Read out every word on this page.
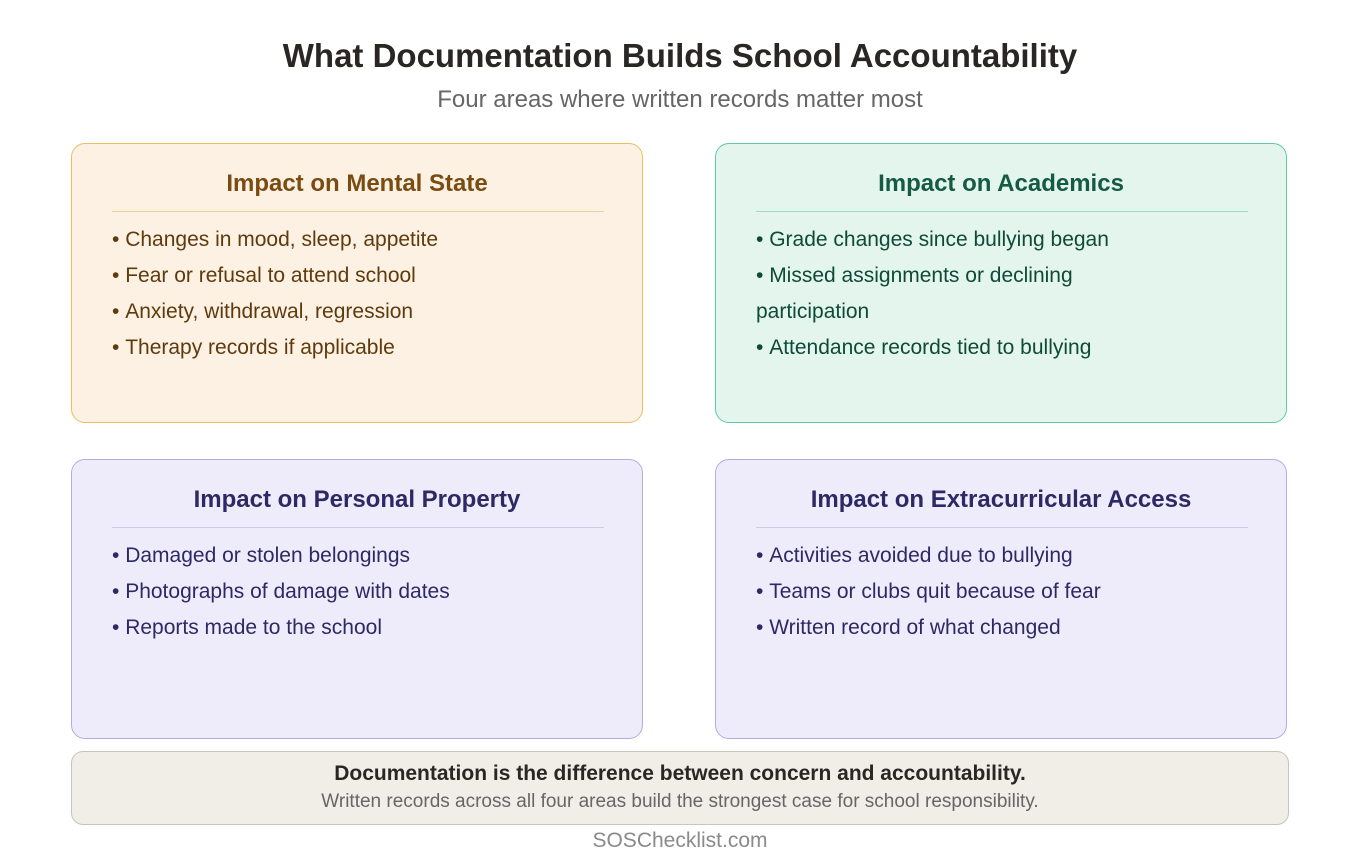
What Documentation Builds School Accountability
Four areas where written records matter most
Impact on Mental State
• Changes in mood, sleep, appetite
• Fear or refusal to attend school
• Anxiety, withdrawal, regression
• Therapy records if applicable
Impact on Academics
• Grade changes since bullying began
• Missed assignments or declining participation
• Attendance records tied to bullying
Impact on Personal Property
• Damaged or stolen belongings
• Photographs of damage with dates
• Reports made to the school
Impact on Extracurricular Access
• Activities avoided due to bullying
• Teams or clubs quit because of fear
• Written record of what changed
Documentation is the difference between concern and accountability.
Written records across all four areas build the strongest case for school responsibility.
SOSChecklist.com
